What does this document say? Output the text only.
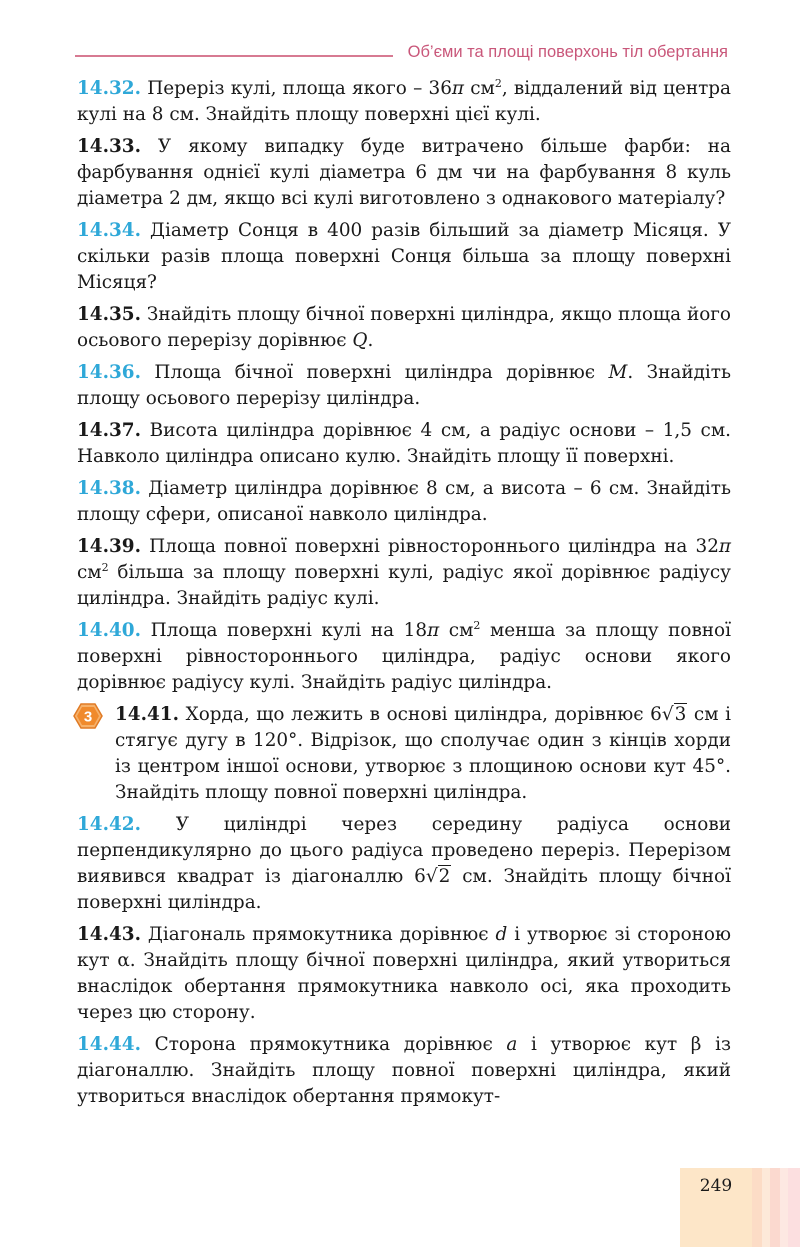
Об’єми та площі поверхонь тіл обертання
14.32. Переріз кулі, площа якого – 36π $см^2$, віддалений від центра кулі на 8 см. Знайдіть площу поверхні цієї кулі.
14.33. У якому випадку буде витрачено більше фарби: на фарбування однієї кулі діаметра 6 дм чи на фарбування 8 куль діаметра 2 дм, якщо всі кулі виготовлено з однакового матеріалу?
14.34. Діаметр Сонця в 400 разів більший за діаметр Місяця. У скільки разів площа поверхні Сонця більша за площу поверхні Місяця?
14.35. Знайдіть площу бічної поверхні циліндра, якщо площа його осьового перерізу дорівнює Q.
14.36. Площа бічної поверхні циліндра дорівнює M. Знайдіть площу осьового перерізу циліндра.
14.37. Висота циліндра дорівнює 4 см, а радіус основи – 1,5 см. Навколо циліндра описано кулю. Знайдіть площу її поверхні.
14.38. Діаметр циліндра дорівнює 8 см, а висота – 6 см. Знайдіть площу сфери, описаної навколо циліндра.
14.39. Площа повної поверхні рівностороннього циліндра на 32π $см^2$ більша за площу поверхні кулі, радіус якої дорівнює радіусу циліндра. Знайдіть радіус кулі.
14.40. Площа поверхні кулі на 18π $см^2$ менша за площу повної поверхні рівностороннього циліндра, радіус основи якого дорівнює радіусу кулі. Знайдіть радіус циліндра.
3 14.41. Хорда, що лежить в основі циліндра, дорівнює 6√3 см і стягує дугу в 120°. Відрізок, що сполучає один з кінців хорди із центром іншої основи, утворює з площиною основи кут 45°. Знайдіть площу повної поверхні циліндра.
14.42. У циліндрі через середину радіуса основи перпендикулярно до цього радіуса проведено переріз. Перерізом виявився квадрат із діагоналлю 6√2 см. Знайдіть площу бічної поверхні циліндра.
14.43. Діагональ прямокутника дорівнює d і утворює зі стороною кут α. Знайдіть площу бічної поверхні циліндра, який утвориться внаслідок обертання прямокутника навколо осі, яка проходить через цю сторону.
14.44. Сторона прямокутника дорівнює a і утворює кут β із діагоналлю. Знайдіть площу повної поверхні циліндра, який утвориться внаслідок обертання прямокут-
249
